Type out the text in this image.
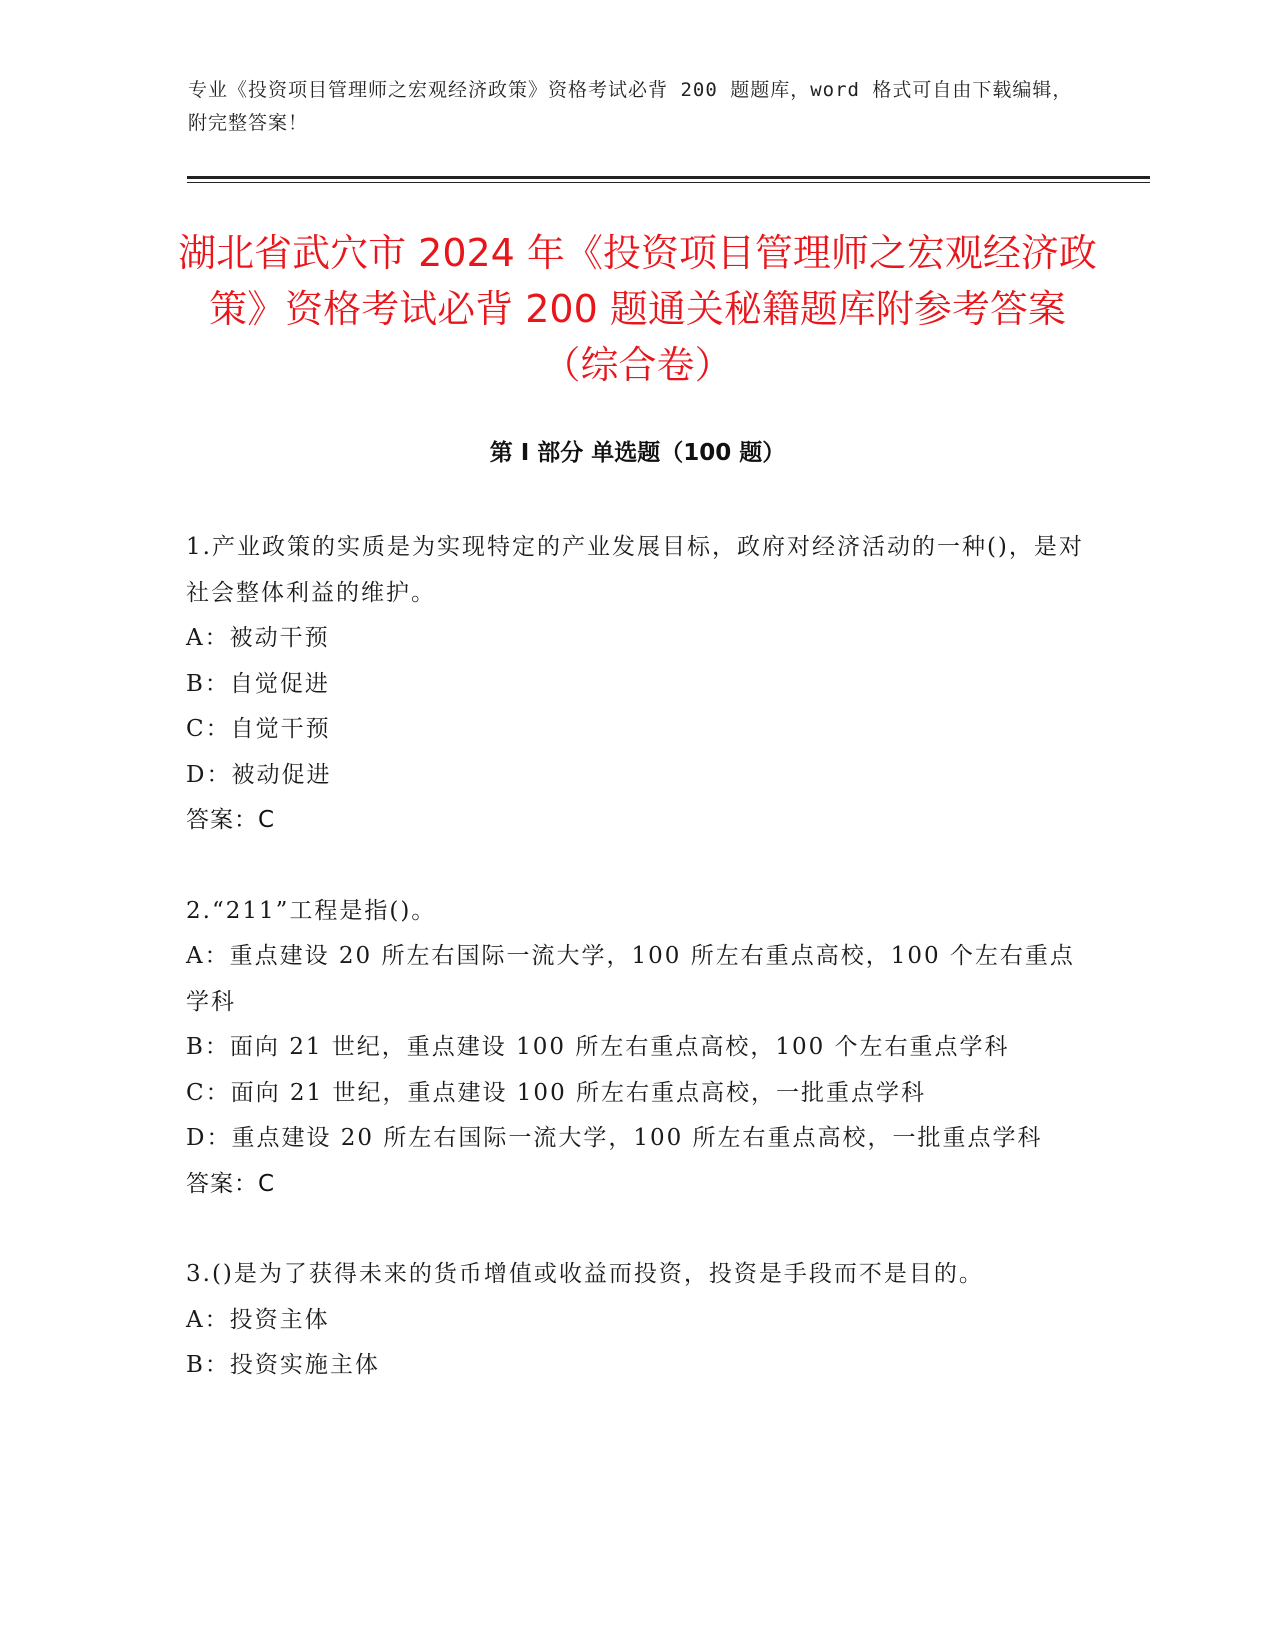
专业《投资项目管理师之宏观经济政策》资格考试必背 200 题题库，word 格式可自由下载编辑，附完整答案！
湖北省武穴市 2024 年《投资项目管理师之宏观经济政策》资格考试必背 200 题通关秘籍题库附参考答案（综合卷）
第 I 部分 单选题（100 题）

1.产业政策的实质是为实现特定的产业发展目标，政府对经济活动的一种()，是对社会整体利益的维护。

A：被动干预

B：自觉促进

C：自觉干预

D：被动促进

答案：C

2.“211”工程是指()。

A：重点建设 20 所左右国际一流大学，100 所左右重点高校，100 个左右重点学科

B：面向 21 世纪，重点建设 100 所左右重点高校，100 个左右重点学科

C：面向 21 世纪，重点建设 100 所左右重点高校，一批重点学科

D：重点建设 20 所左右国际一流大学，100 所左右重点高校，一批重点学科

答案：C

3.()是为了获得未来的货币增值或收益而投资，投资是手段而不是目的。

A：投资主体

B：投资实施主体
